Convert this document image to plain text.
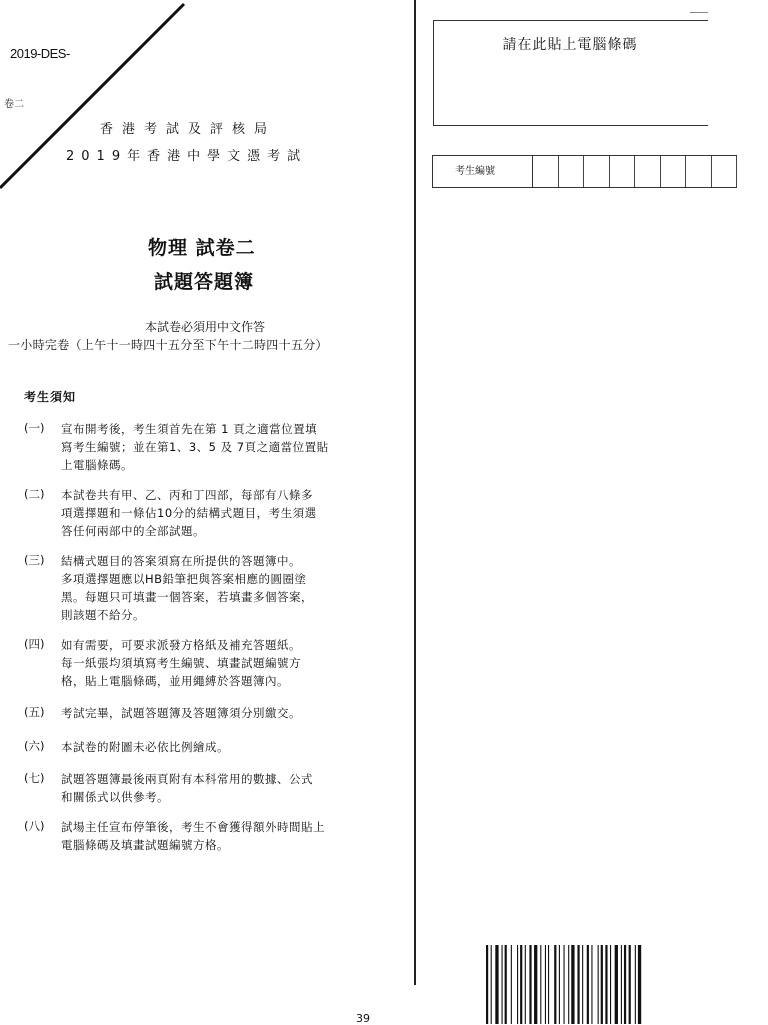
2019-DES-
卷二
香港考試及評核局
2019年香港中學文憑考試
物理 試卷二
試題答題簿
本試卷必須用中文作答
一小時完卷（上午十一時四十五分至下午十二時四十五分）
考生須知
(一) 宣布開考後，考生須首先在第 1 頁之適當位置填
寫考生編號；並在第1、3、5 及 7頁之適當位置貼
上電腦條碼。
(二) 本試卷共有甲、乙、丙和丁四部，每部有八條多
項選擇題和一條佔10分的結構式題目，考生須選
答任何兩部中的全部試題。
(三) 結構式題目的答案須寫在所提供的答題簿中。
多項選擇題應以HB鉛筆把與答案相應的圓圈塗
黑。每題只可填畫一個答案，若填畫多個答案，
則該題不給分。
(四) 如有需要，可要求派發方格紙及補充答題紙。
每一紙張均須填寫考生編號、填畫試題編號方
格，貼上電腦條碼，並用繩縛於答題簿內。
(五) 考試完畢，試題答題簿及答題簿須分別繳交。
(六) 本試卷的附圖未必依比例繪成。
(七) 試題答題簿最後兩頁附有本科常用的數據、公式
和關係式以供參考。
(八) 試場主任宣布停筆後，考生不會獲得額外時間貼上
電腦條碼及填畫試題編號方格。
請在此貼上電腦條碼
考生編號
39
